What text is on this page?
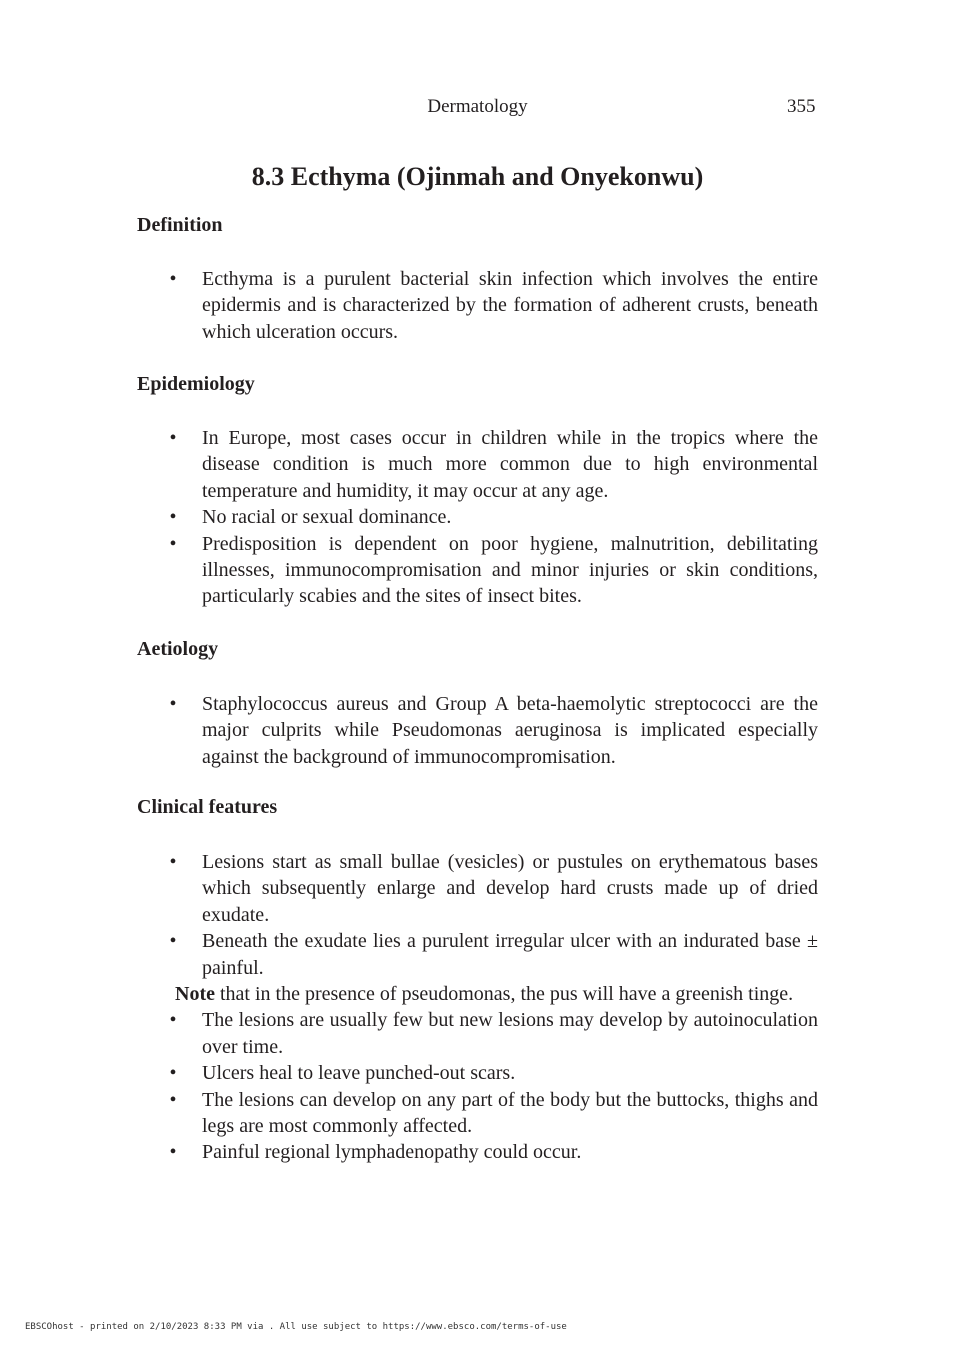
Dermatology	355
8.3 Ecthyma (Ojinmah and Onyekonwu)
Definition
• Ecthyma is a purulent bacterial skin infection which involves the entire epidermis and is characterized by the formation of adherent crusts, beneath which ulceration occurs.
Epidemiology
• In Europe, most cases occur in children while in the tropics where the disease condition is much more common due to high environmental temperature and humidity, it may occur at any age.
• No racial or sexual dominance.
• Predisposition is dependent on poor hygiene, malnutrition, debilitating illnesses, immunocompromisation and minor injuries or skin conditions, particularly scabies and the sites of insect bites.
Aetiology
• Staphylococcus aureus and Group A beta-haemolytic streptococci are the major culprits while Pseudomonas aeruginosa is implicated especially against the background of immunocompromisation.
Clinical features
• Lesions start as small bullae (vesicles) or pustules on erythematous bases which subsequently enlarge and develop hard crusts made up of dried exudate.
• Beneath the exudate lies a purulent irregular ulcer with an indurated base ± painful.
Note that in the presence of pseudomonas, the pus will have a greenish tinge.
• The lesions are usually few but new lesions may develop by autoinoculation over time.
• Ulcers heal to leave punched-out scars.
• The lesions can develop on any part of the body but the buttocks, thighs and legs are most commonly affected.
• Painful regional lymphadenopathy could occur.
EBSCOhost - printed on 2/10/2023 8:33 PM via . All use subject to https://www.ebsco.com/terms-of-use
